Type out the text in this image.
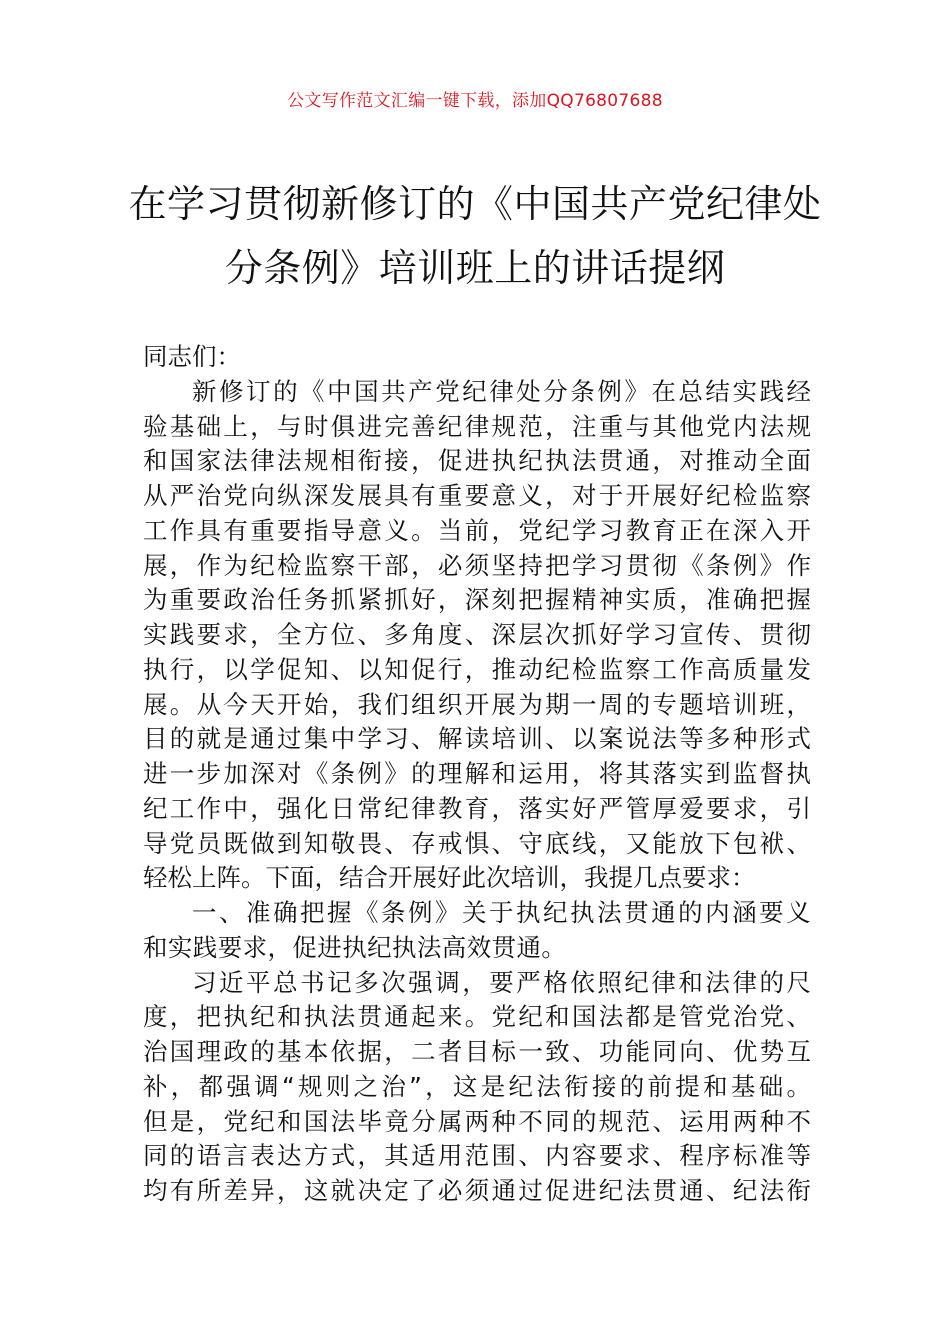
公文写作范文汇编一键下载，添加QQ76807688
在学习贯彻新修订的《中国共产党纪律处
分条例》培训班上的讲话提纲
同志们：
新修订的《中国共产党纪律处分条例》在总结实践经
验基础上，与时俱进完善纪律规范，注重与其他党内法规
和国家法律法规相衔接，促进执纪执法贯通，对推动全面
从严治党向纵深发展具有重要意义，对于开展好纪检监察
工作具有重要指导意义。当前，党纪学习教育正在深入开
展，作为纪检监察干部，必须坚持把学习贯彻《条例》作
为重要政治任务抓紧抓好，深刻把握精神实质，准确把握
实践要求，全方位、多角度、深层次抓好学习宣传、贯彻
执行，以学促知、以知促行，推动纪检监察工作高质量发
展。从今天开始，我们组织开展为期一周的专题培训班，
目的就是通过集中学习、解读培训、以案说法等多种形式
进一步加深对《条例》的理解和运用，将其落实到监督执
纪工作中，强化日常纪律教育，落实好严管厚爱要求，引
导党员既做到知敬畏、存戒惧、守底线，又能放下包袱、
轻松上阵。下面，结合开展好此次培训，我提几点要求：
一、准确把握《条例》关于执纪执法贯通的内涵要义
和实践要求，促进执纪执法高效贯通。
习近平总书记多次强调，要严格依照纪律和法律的尺
度，把执纪和执法贯通起来。党纪和国法都是管党治党、
治国理政的基本依据，二者目标一致、功能同向、优势互
补，都强调“规则之治”，这是纪法衔接的前提和基础。
但是，党纪和国法毕竟分属两种不同的规范、运用两种不
同的语言表达方式，其适用范围、内容要求、程序标准等
均有所差异，这就决定了必须通过促进纪法贯通、纪法衔
